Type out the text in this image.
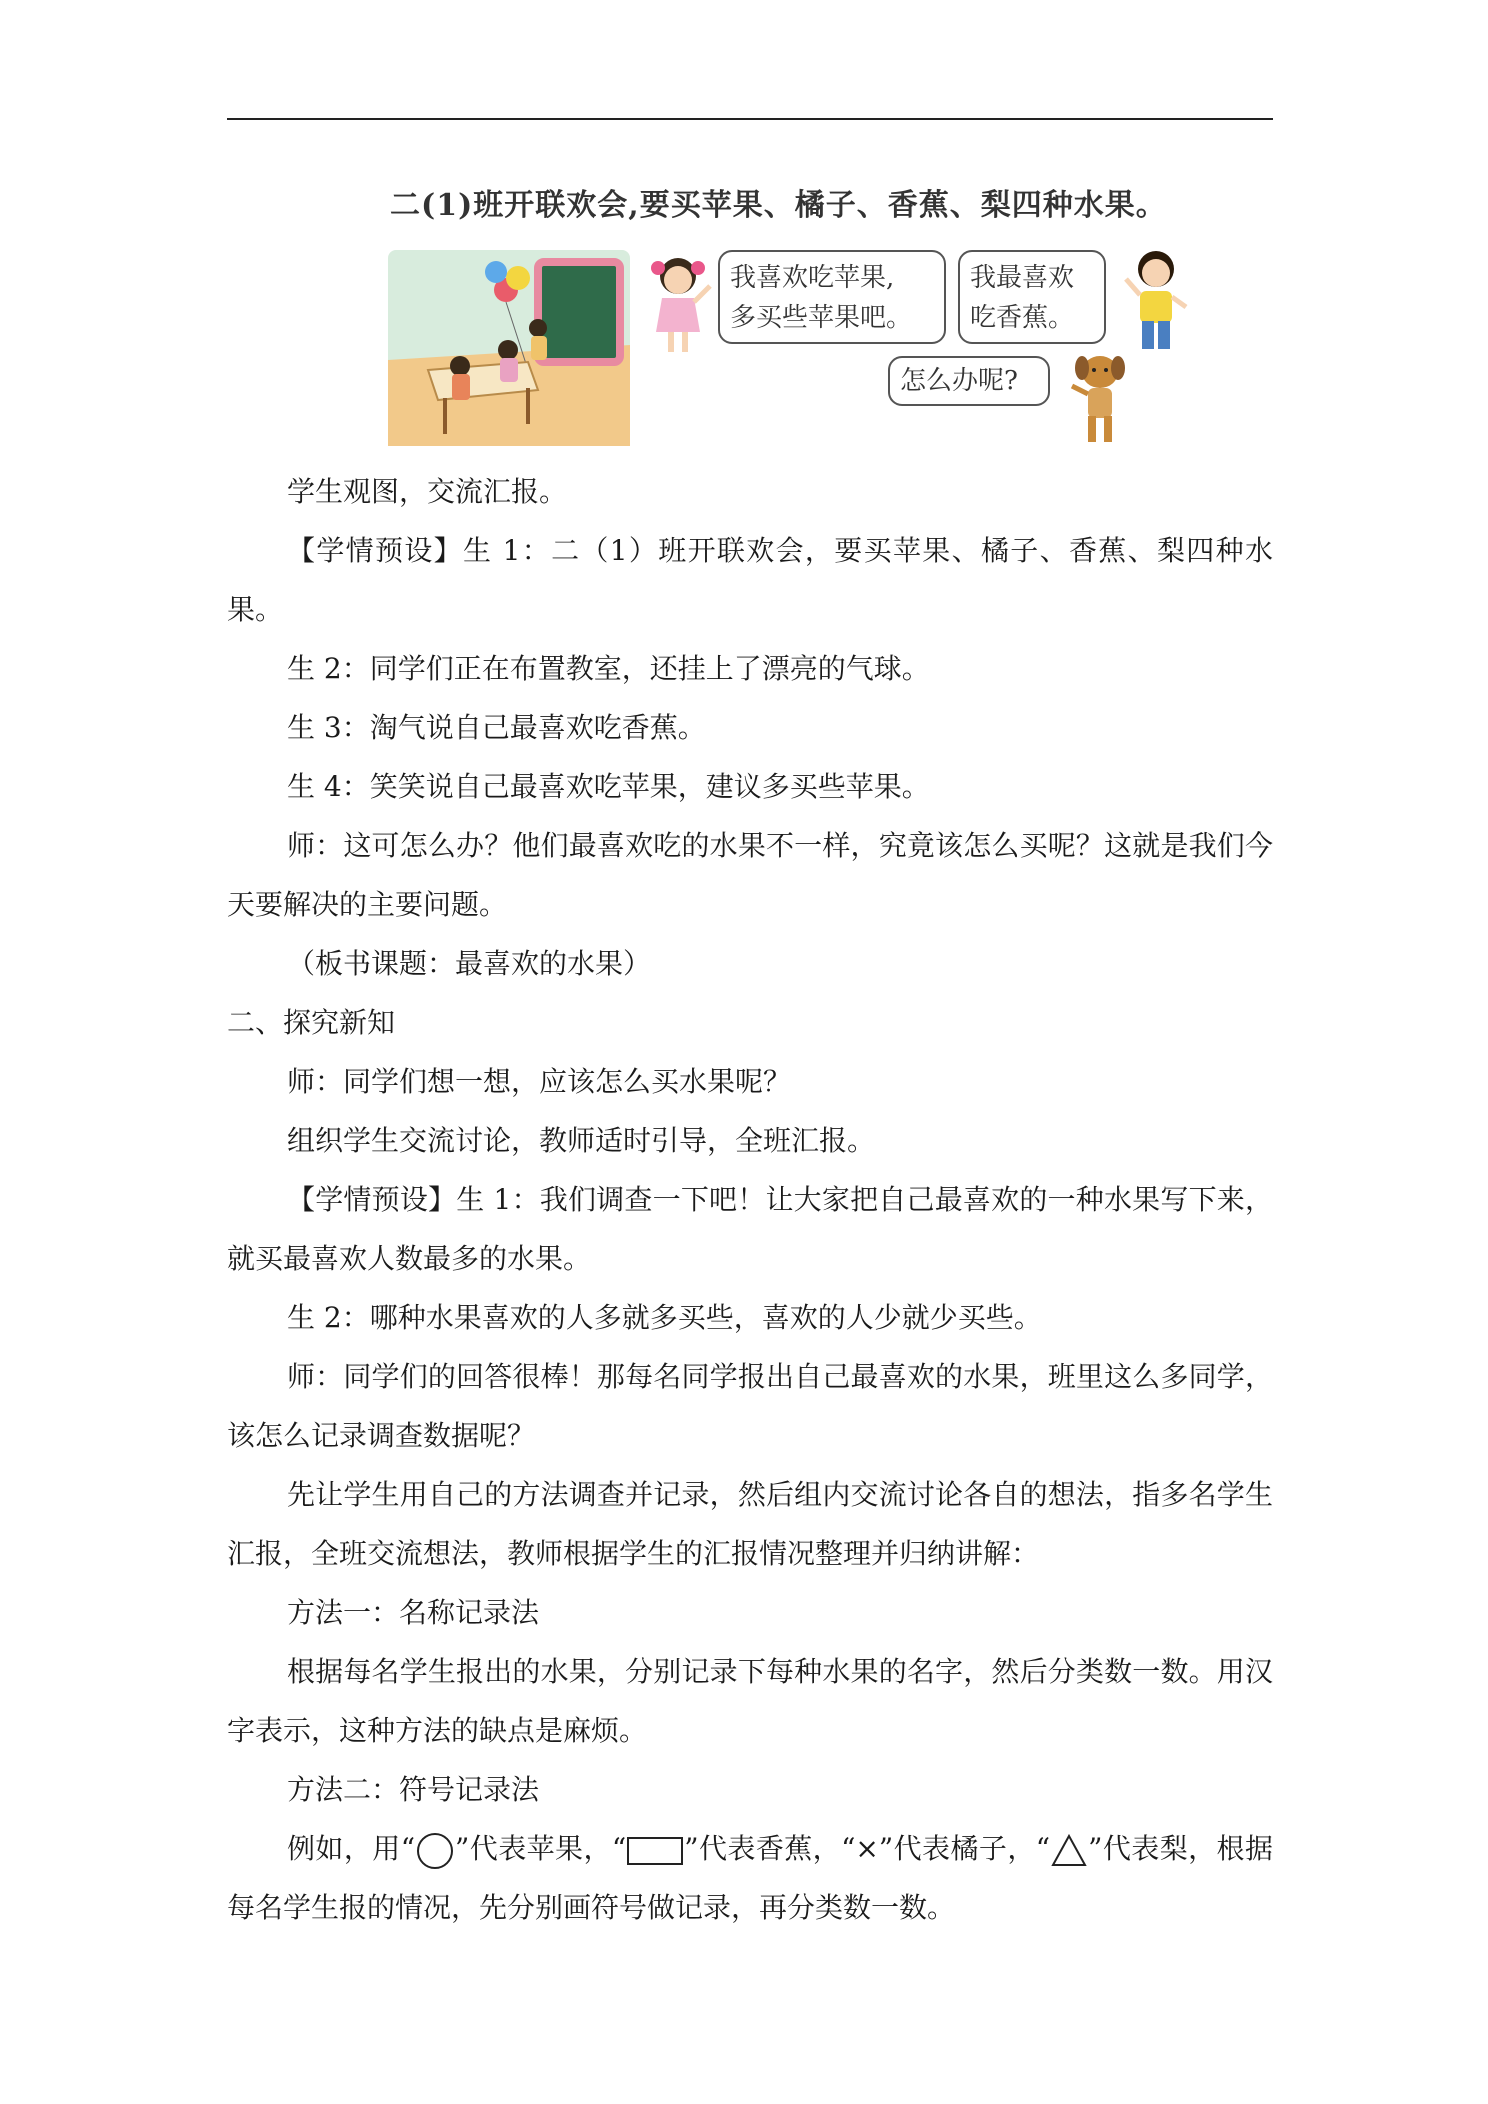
二(1)班开联欢会,要买苹果、橘子、香蕉、梨四种水果。
我喜欢吃苹果,
多买些苹果吧。
我最喜欢
吃香蕉。
怎么办呢?

学生观图，交流汇报。

【学情预设】生 1：二（1）班开联欢会，要买苹果、橘子、香蕉、梨四种水果。

生 2：同学们正在布置教室，还挂上了漂亮的气球。

生 3：淘气说自己最喜欢吃香蕉。

生 4：笑笑说自己最喜欢吃苹果，建议多买些苹果。

师：这可怎么办？他们最喜欢吃的水果不一样，究竟该怎么买呢？这就是我们今天要解决的主要问题。

（板书课题：最喜欢的水果）

二、探究新知

师：同学们想一想，应该怎么买水果呢？

组织学生交流讨论，教师适时引导，全班汇报。

【学情预设】生 1：我们调查一下吧！让大家把自己最喜欢的一种水果写下来，就买最喜欢人数最多的水果。

生 2：哪种水果喜欢的人多就多买些，喜欢的人少就少买些。

师：同学们的回答很棒！那每名同学报出自己最喜欢的水果，班里这么多同学，该怎么记录调查数据呢？

先让学生用自己的方法调查并记录，然后组内交流讨论各自的想法，指多名学生汇报，全班交流想法，教师根据学生的汇报情况整理并归纳讲解：

方法一：名称记录法

根据每名学生报出的水果，分别记录下每种水果的名字，然后分类数一数。用汉字表示，这种方法的缺点是麻烦。

方法二：符号记录法

例如，用“ ”代表苹果，“ ”代表香蕉，“×”代表橘子，“ ”代表梨，根据每名学生报的情况，先分别画符号做记录，再分类数一数。
